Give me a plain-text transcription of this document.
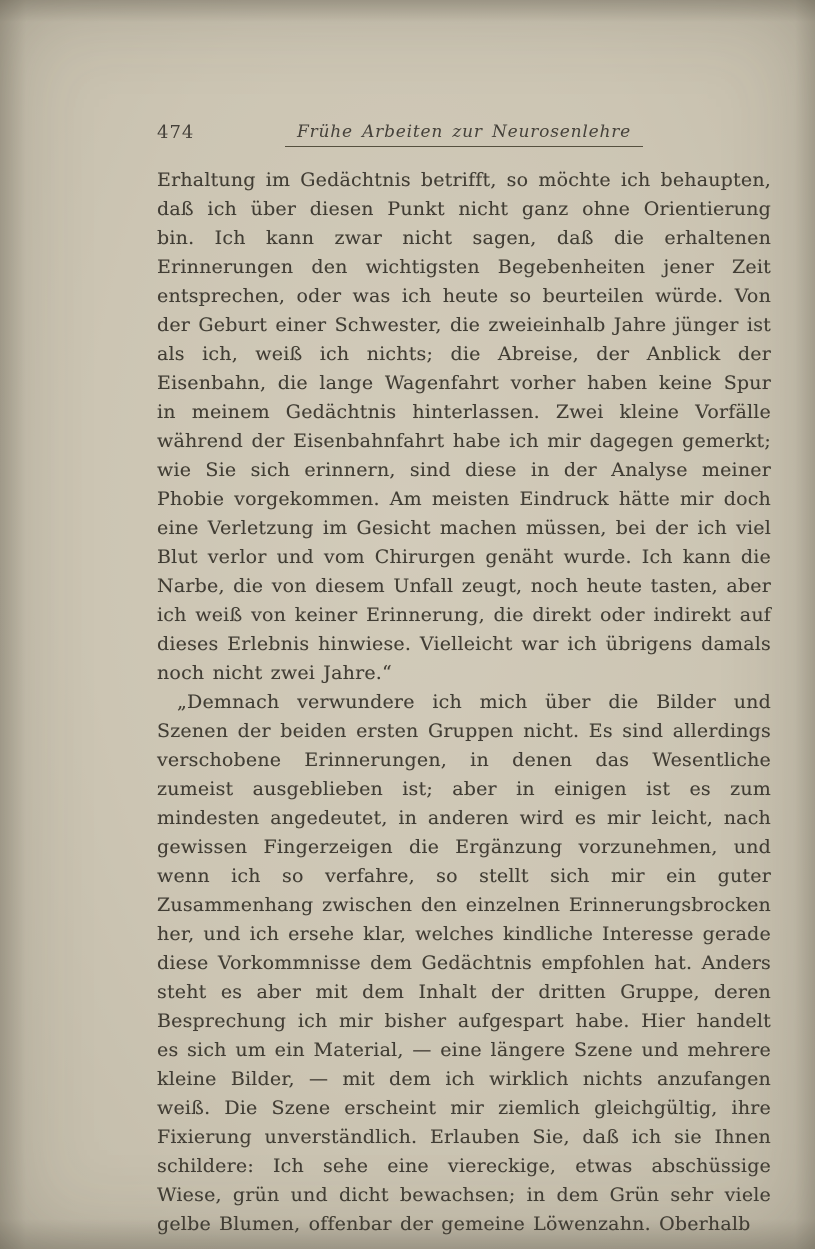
474	Frühe Arbeiten zur Neurosenlehre

Erhaltung im Gedächtnis betrifft, so möchte ich behaupten, daß ich über diesen Punkt nicht ganz ohne Orientierung bin. Ich kann zwar nicht sagen, daß die erhaltenen Erinnerungen den wichtigsten Begebenheiten jener Zeit entsprechen, oder was ich heute so beurteilen würde. Von der Geburt einer Schwester, die zweieinhalb Jahre jünger ist als ich, weiß ich nichts; die Abreise, der Anblick der Eisenbahn, die lange Wagenfahrt vorher haben keine Spur in meinem Gedächtnis hinterlassen. Zwei kleine Vorfälle während der Eisenbahnfahrt habe ich mir dagegen gemerkt; wie Sie sich erinnern, sind diese in der Analyse meiner Phobie vorgekommen. Am meisten Eindruck hätte mir doch eine Verletzung im Gesicht machen müssen, bei der ich viel Blut verlor und vom Chirurgen genäht wurde. Ich kann die Narbe, die von diesem Unfall zeugt, noch heute tasten, aber ich weiß von keiner Erinnerung, die direkt oder indirekt auf dieses Erlebnis hinwiese. Vielleicht war ich übrigens damals noch nicht zwei Jahre.“

„Demnach verwundere ich mich über die Bilder und Szenen der beiden ersten Gruppen nicht. Es sind allerdings verschobene Erinnerungen, in denen das Wesentliche zumeist ausgeblieben ist; aber in einigen ist es zum mindesten angedeutet, in anderen wird es mir leicht, nach gewissen Fingerzeigen die Ergänzung vorzunehmen, und wenn ich so verfahre, so stellt sich mir ein guter Zusammenhang zwischen den einzelnen Erinnerungsbrocken her, und ich ersehe klar, welches kindliche Interesse gerade diese Vorkommnisse dem Gedächtnis empfohlen hat. Anders steht es aber mit dem Inhalt der dritten Gruppe, deren Besprechung ich mir bisher aufgespart habe. Hier handelt es sich um ein Material, — eine längere Szene und mehrere kleine Bilder, — mit dem ich wirklich nichts anzufangen weiß. Die Szene erscheint mir ziemlich gleichgültig, ihre Fixierung unverständlich. Erlauben Sie, daß ich sie Ihnen schildere: Ich sehe eine viereckige, etwas abschüssige Wiese, grün und dicht bewachsen; in dem Grün sehr viele gelbe Blumen, offenbar der gemeine Löwenzahn. Oberhalb
